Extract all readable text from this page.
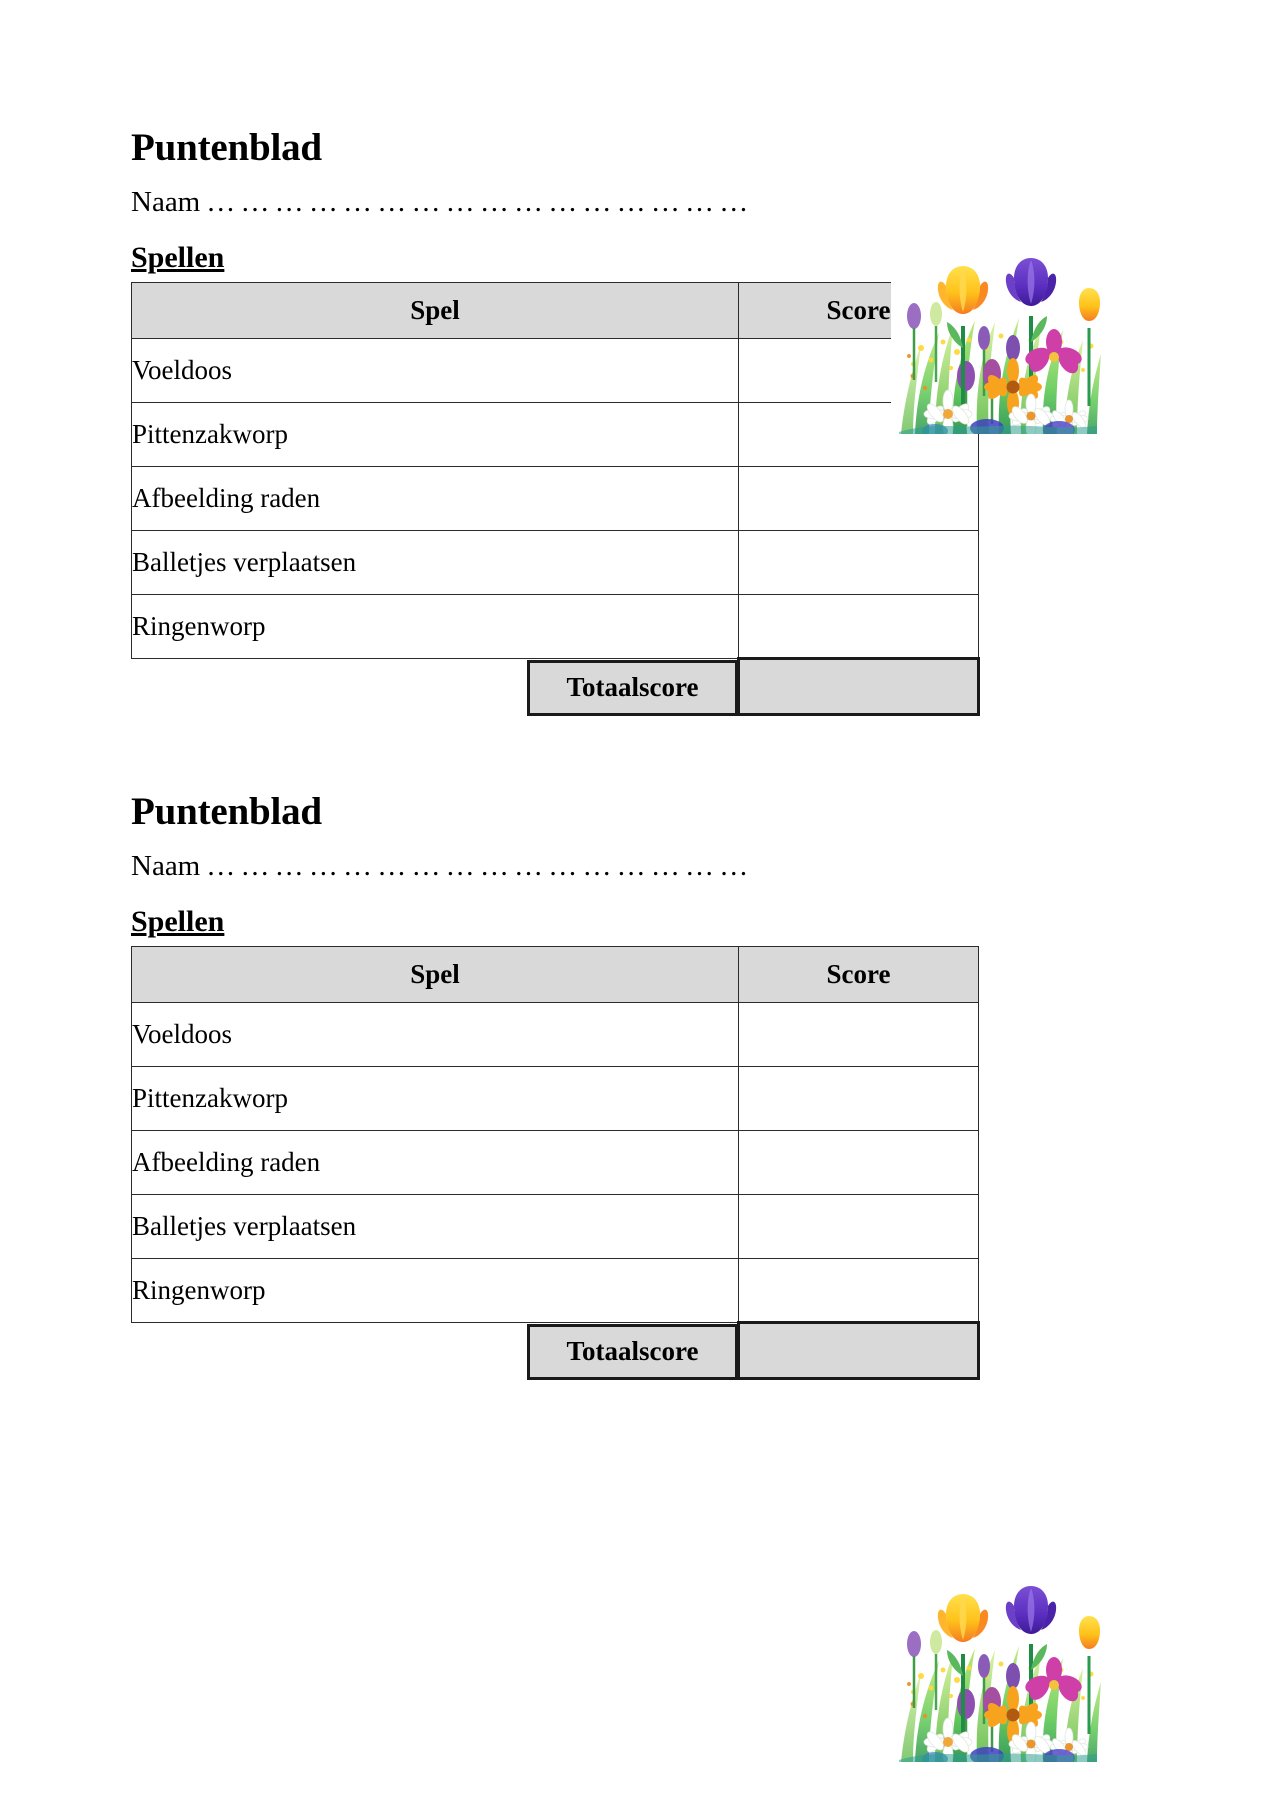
Puntenblad
Naam …………………………………………
Spellen
Spel	Score
Voeldoos	
Pittenzakworp	
Afbeelding raden	
Balletjes verplaatsen	
Ringenworp	

Totaalscore
Puntenblad
Naam …………………………………………
Spellen
Spel	Score
Voeldoos	
Pittenzakworp	
Afbeelding raden	
Balletjes verplaatsen	
Ringenworp	

Totaalscore
